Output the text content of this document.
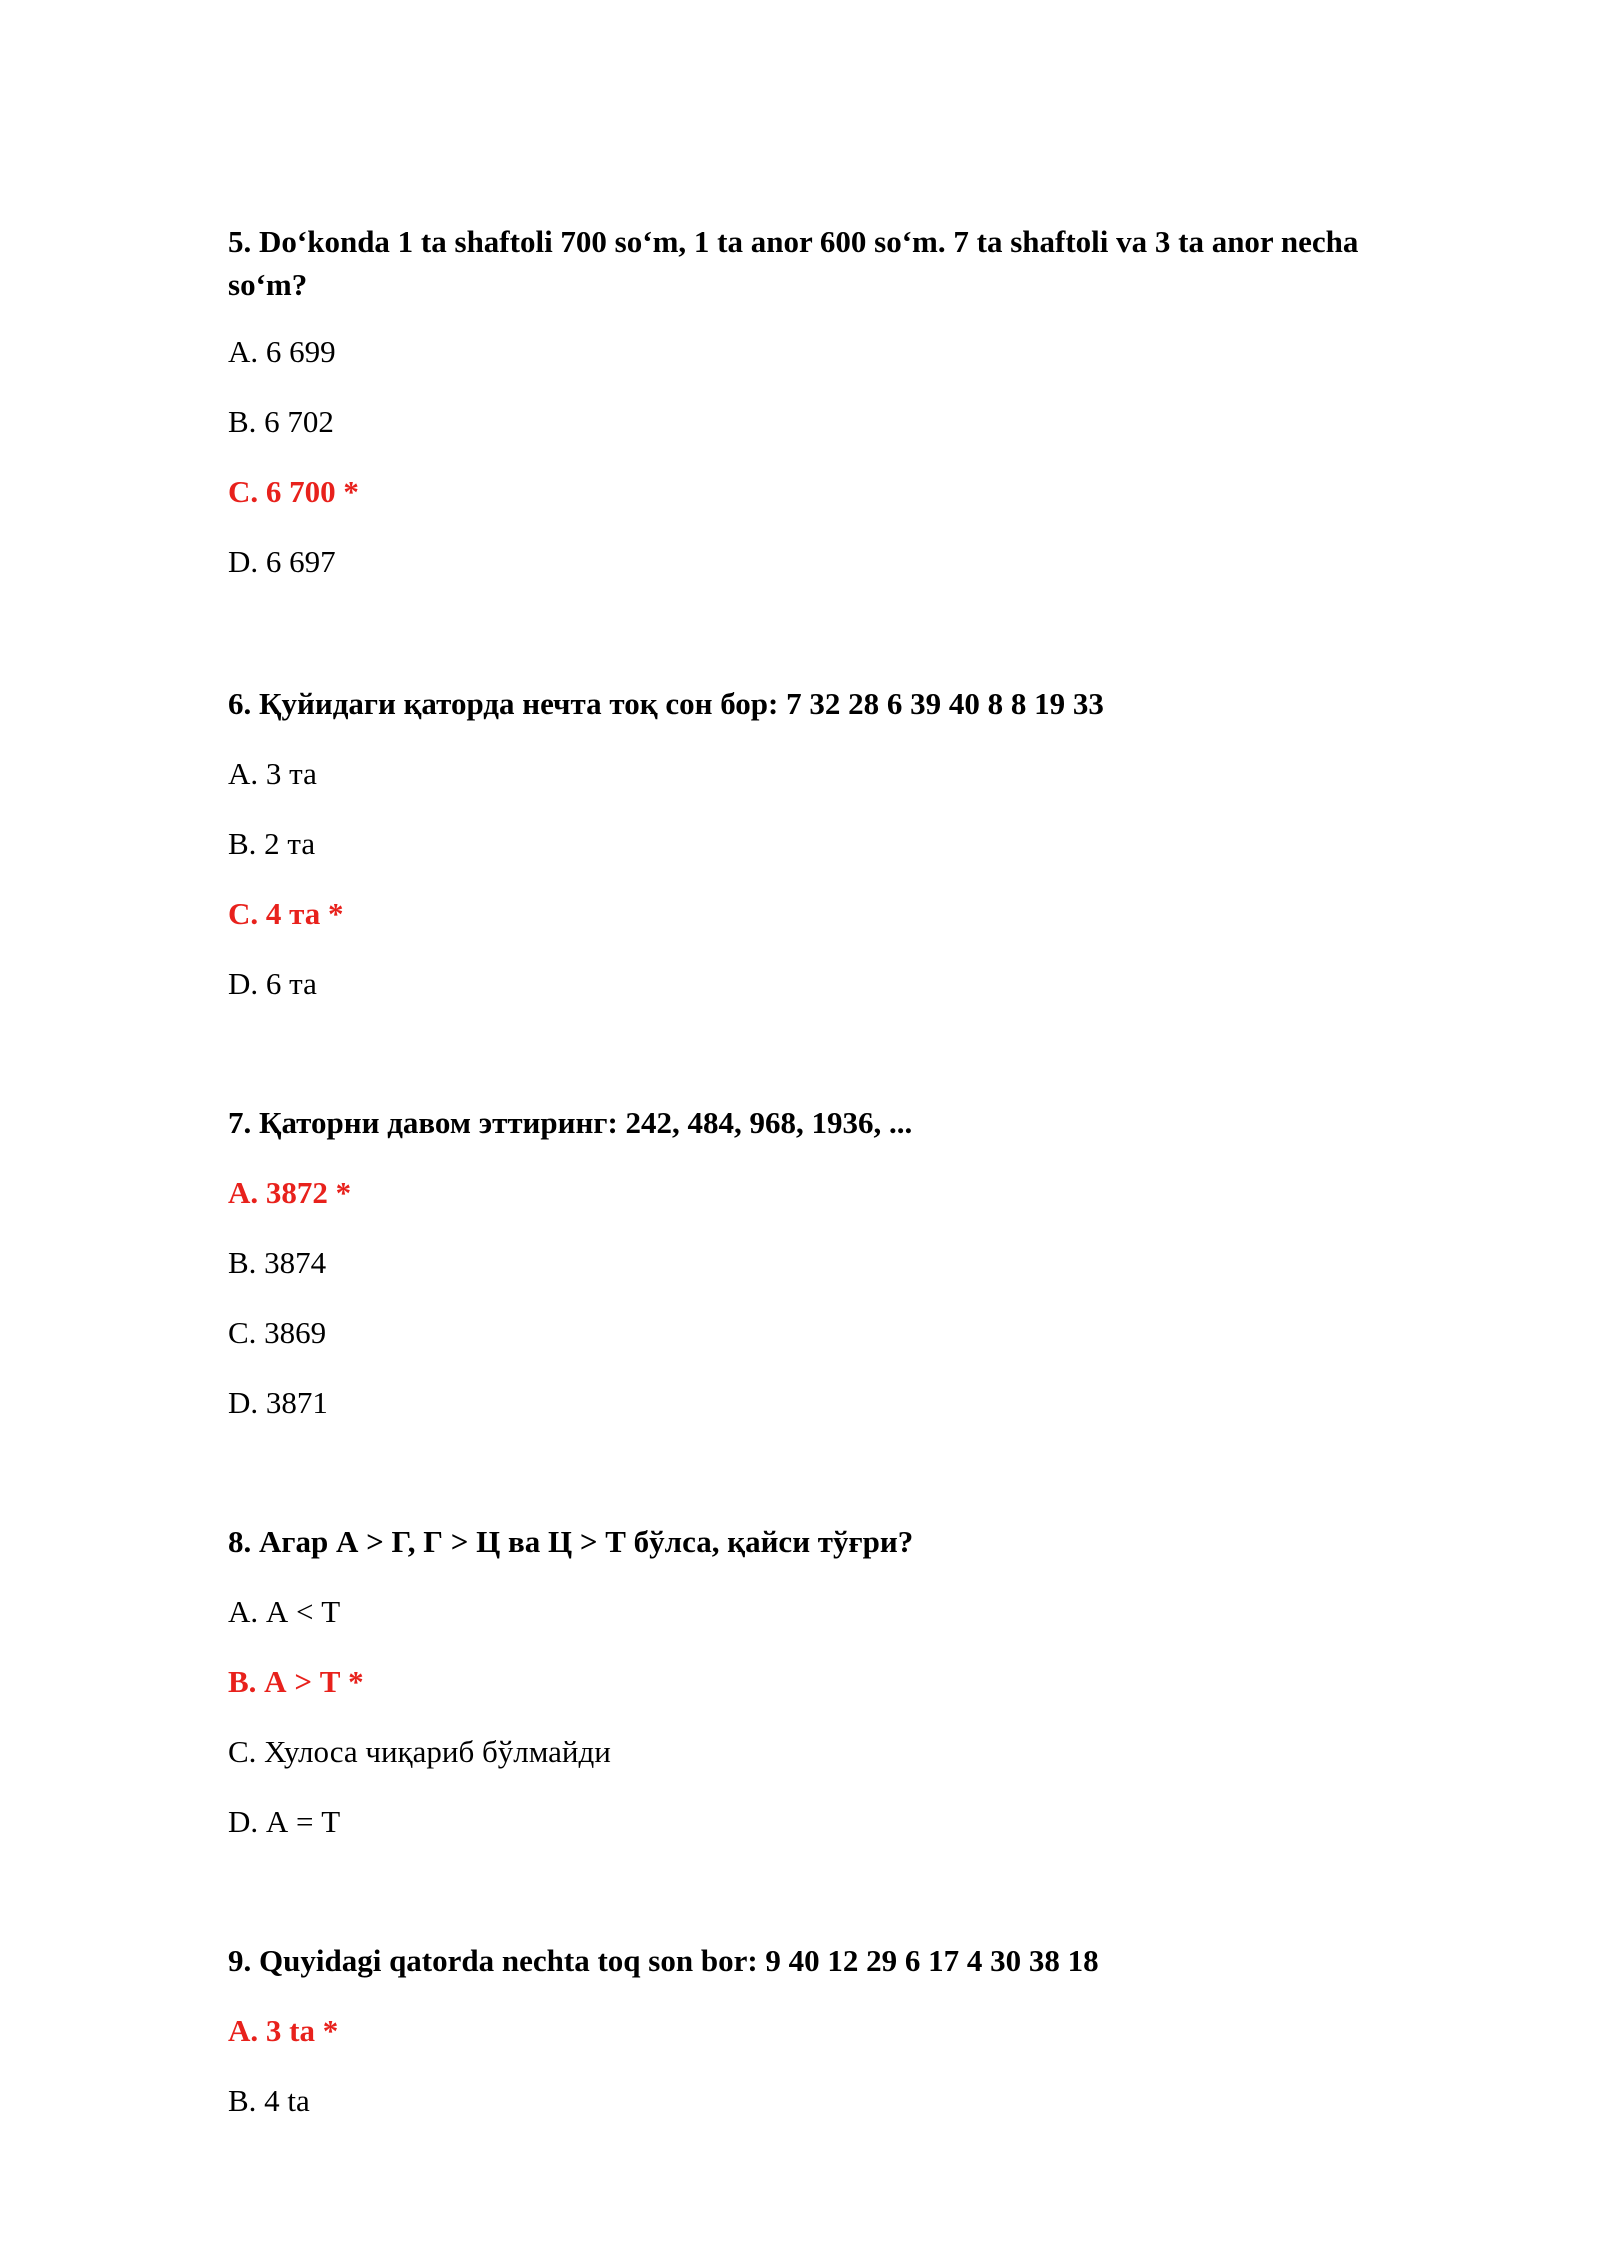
5. Do‘konda 1 ta shaftoli 700 so‘m, 1 ta anor 600 so‘m. 7 ta shaftoli va 3 ta anor necha so‘m?

A. 6 699

B. 6 702

C. 6 700 *

D. 6 697

6. Қуйидаги қаторда нечта тоқ сон бор: 7 32 28 6 39 40 8 8 19 33

A. 3 та

B. 2 та

C. 4 та *

D. 6 та

7. Қаторни давом эттиринг: 242, 484, 968, 1936, ...

A. 3872 *

B. 3874

C. 3869

D. 3871

8. Агар А > Г, Г > Ц ва Ц > Т бўлса, қайси тўғри?

A. А < Т

B. А > Т *

C. Хулоса чиқариб бўлмайди

D. А = Т

9. Quyidagi qatorda nechta toq son bor: 9 40 12 29 6 17 4 30 38 18

A. 3 ta *

B. 4 ta
